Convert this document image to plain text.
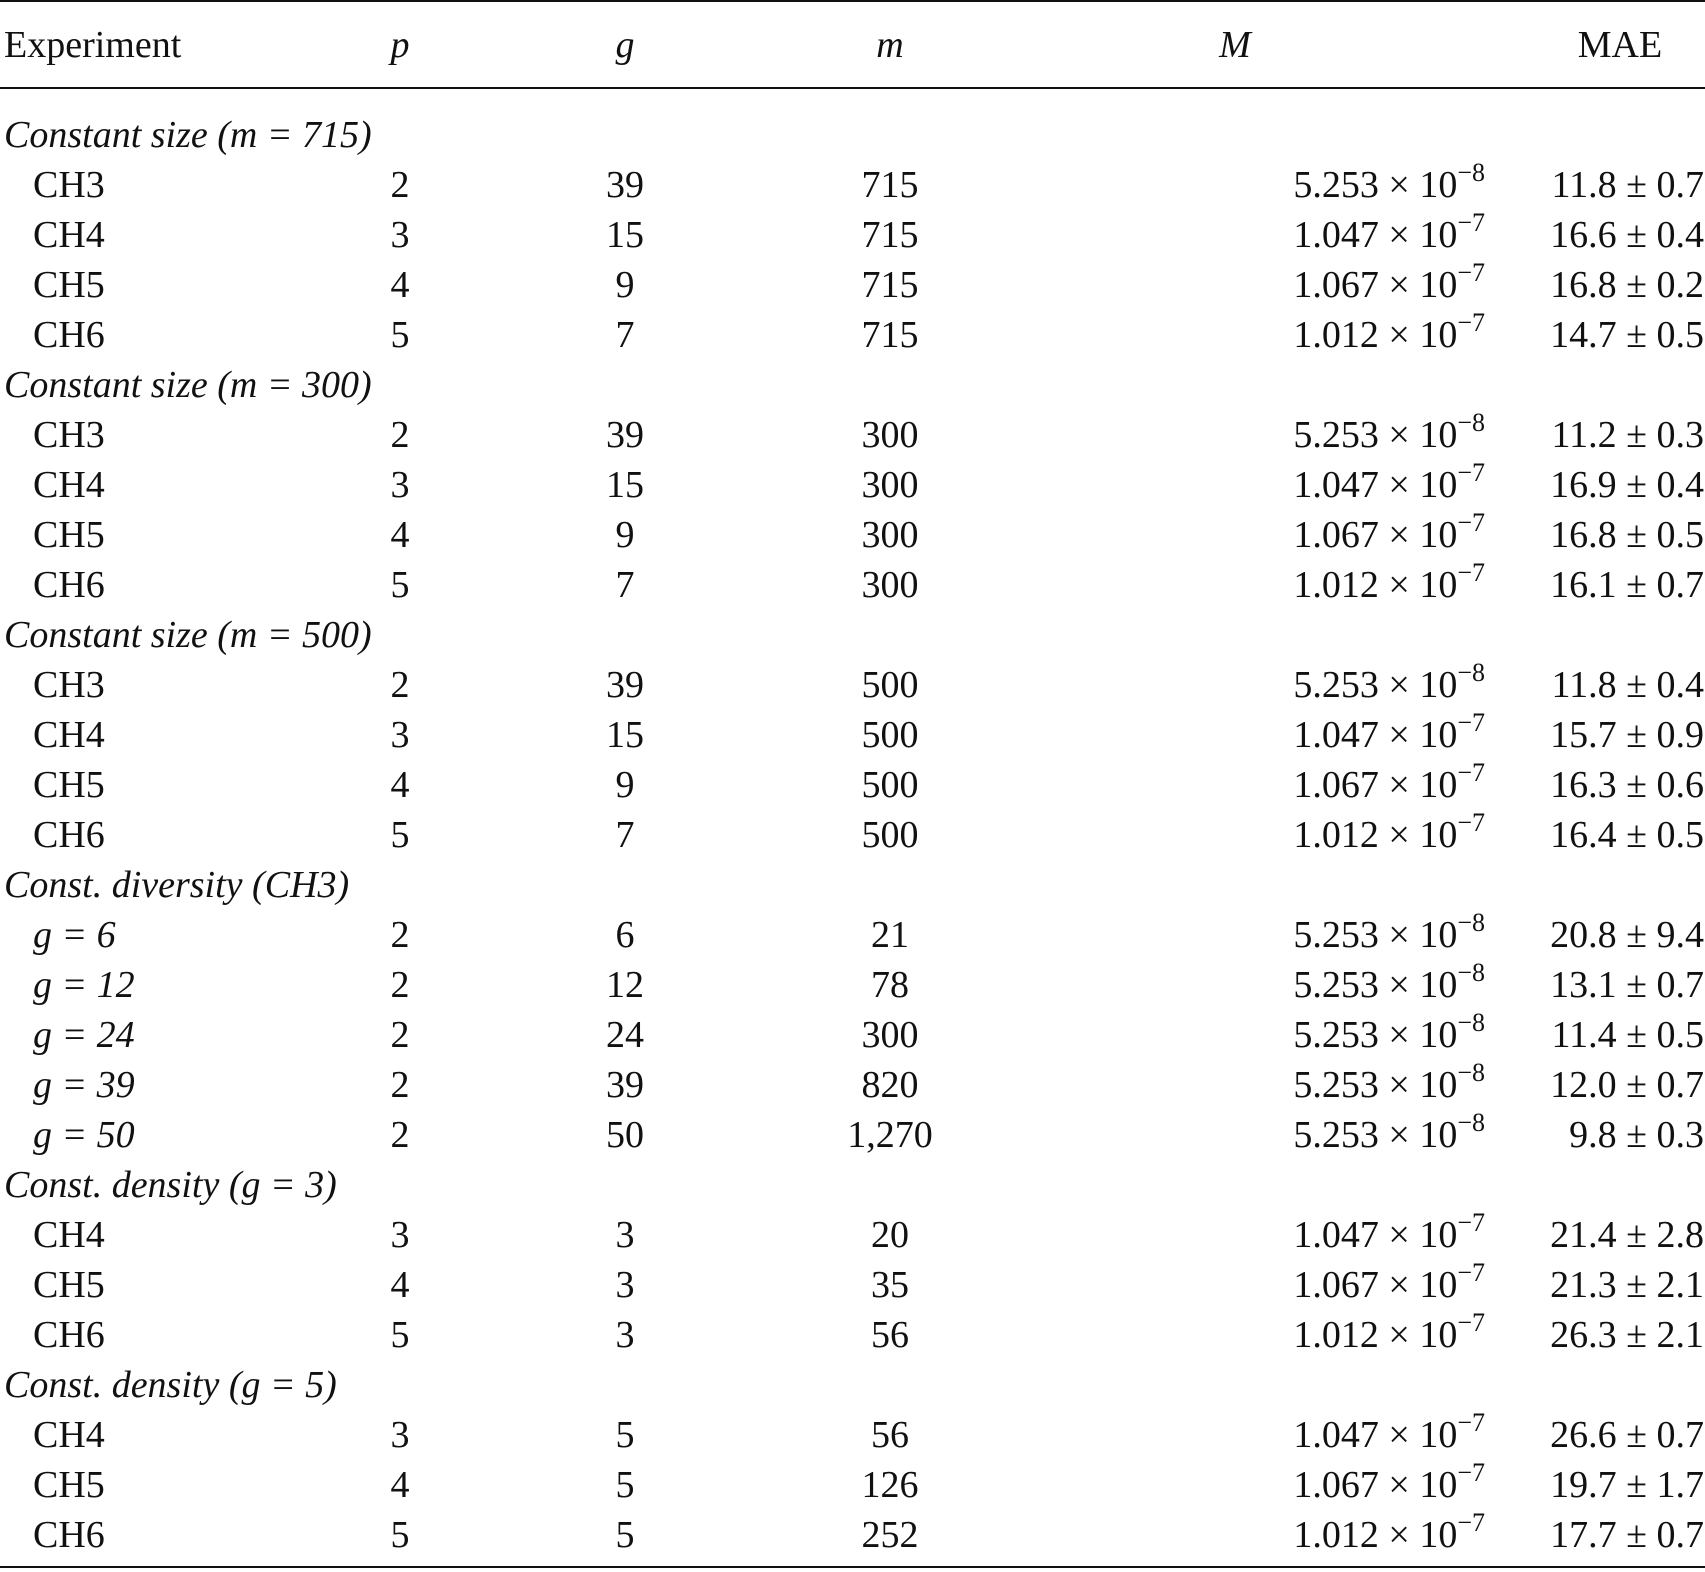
Experiment	p	g	m	M	MAE
Constant size (m = 715)
CH3	2	39	715	$5.253 \times 10^{-8}$	11.8 ± 0.7
CH4	3	15	715	$1.047 \times 10^{-7}$	16.6 ± 0.4
CH5	4	9	715	$1.067 \times 10^{-7}$	16.8 ± 0.2
CH6	5	7	715	$1.012 \times 10^{-7}$	14.7 ± 0.5
Constant size (m = 300)
CH3	2	39	300	$5.253 \times 10^{-8}$	11.2 ± 0.3
CH4	3	15	300	$1.047 \times 10^{-7}$	16.9 ± 0.4
CH5	4	9	300	$1.067 \times 10^{-7}$	16.8 ± 0.5
CH6	5	7	300	$1.012 \times 10^{-7}$	16.1 ± 0.7
Constant size (m = 500)
CH3	2	39	500	$5.253 \times 10^{-8}$	11.8 ± 0.4
CH4	3	15	500	$1.047 \times 10^{-7}$	15.7 ± 0.9
CH5	4	9	500	$1.067 \times 10^{-7}$	16.3 ± 0.6
CH6	5	7	500	$1.012 \times 10^{-7}$	16.4 ± 0.5
Const. diversity (CH3)
g = 6	2	6	21	$5.253 \times 10^{-8}$	20.8 ± 9.4
g = 12	2	12	78	$5.253 \times 10^{-8}$	13.1 ± 0.7
g = 24	2	24	300	$5.253 \times 10^{-8}$	11.4 ± 0.5
g = 39	2	39	820	$5.253 \times 10^{-8}$	12.0 ± 0.7
g = 50	2	50	1,270	$5.253 \times 10^{-8}$	9.8 ± 0.3
Const. density (g = 3)
CH4	3	3	20	$1.047 \times 10^{-7}$	21.4 ± 2.8
CH5	4	3	35	$1.067 \times 10^{-7}$	21.3 ± 2.1
CH6	5	3	56	$1.012 \times 10^{-7}$	26.3 ± 2.1
Const. density (g = 5)
CH4	3	5	56	$1.047 \times 10^{-7}$	26.6 ± 0.7
CH5	4	5	126	$1.067 \times 10^{-7}$	19.7 ± 1.7
CH6	5	5	252	$1.012 \times 10^{-7}$	17.7 ± 0.7
